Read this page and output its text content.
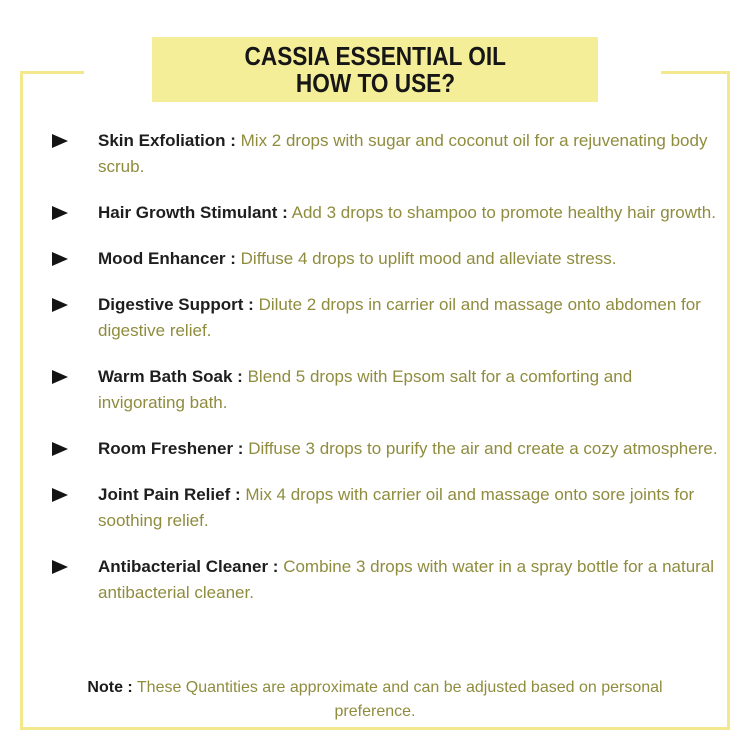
CASSIA ESSENTIAL OIL
HOW TO USE?

Skin Exfoliation : Mix 2 drops with sugar and coconut oil for a rejuvenating body scrub.

Hair Growth Stimulant : Add 3 drops to shampoo to promote healthy hair growth.

Mood Enhancer : Diffuse 4 drops to uplift mood and alleviate stress.

Digestive Support : Dilute 2 drops in carrier oil and massage onto abdomen for digestive relief.

Warm Bath Soak : Blend 5 drops with Epsom salt for a comforting and invigorating bath.

Room Freshener : Diffuse 3 drops to purify the air and create a cozy atmosphere.

Joint Pain Relief : Mix 4 drops with carrier oil and massage onto sore joints for soothing relief.

Antibacterial Cleaner : Combine 3 drops with water in a spray bottle for a natural antibacterial cleaner.

Note : These Quantities are approximate and can be adjusted based on personal preference.
